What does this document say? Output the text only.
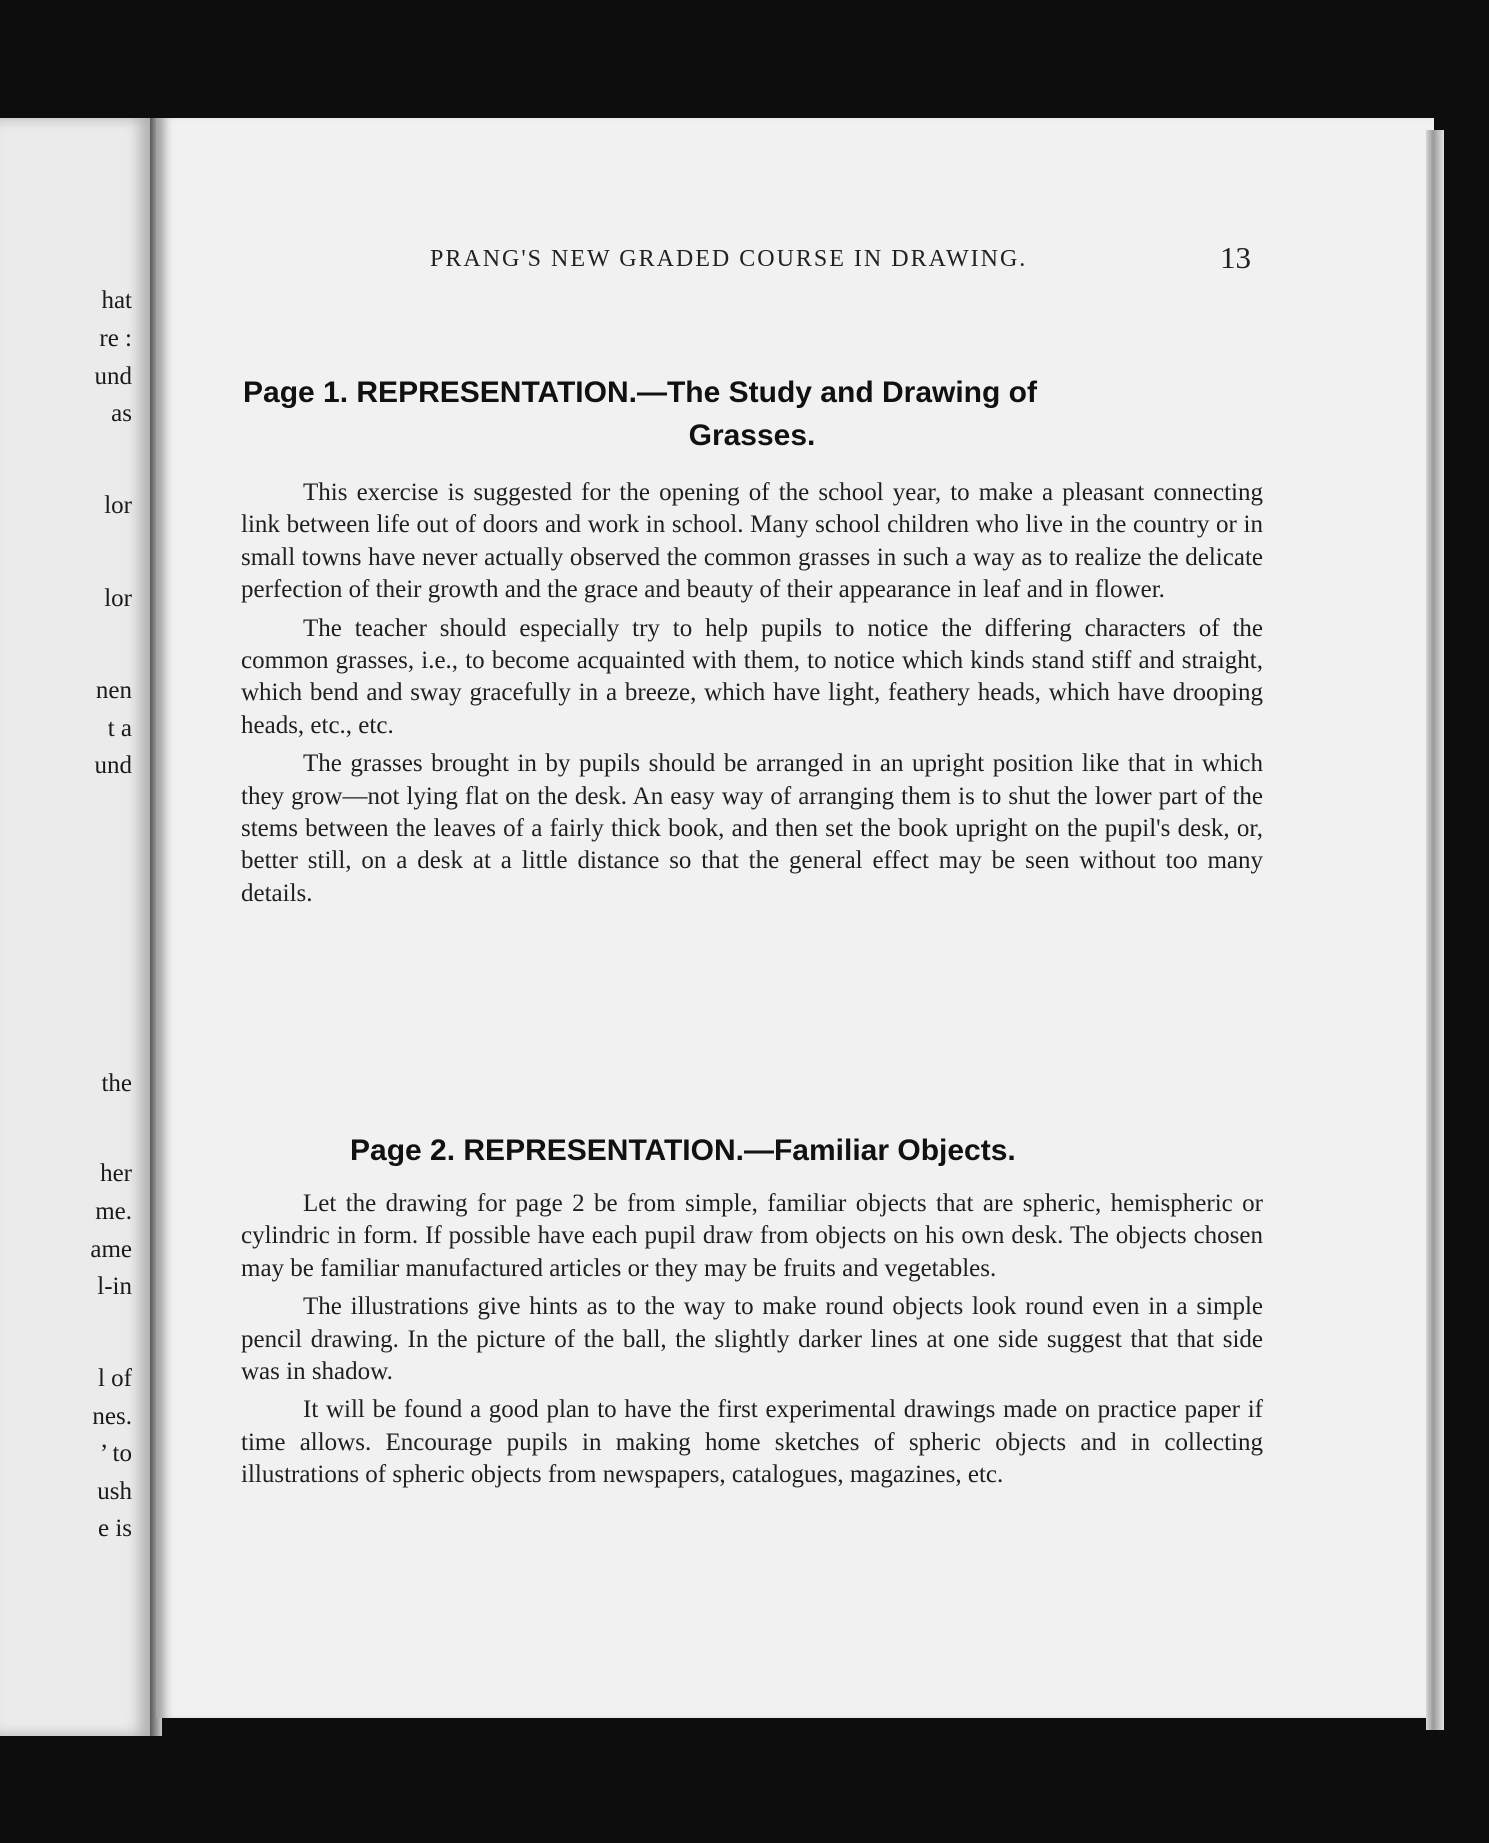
hat
re :
und
as
lor
lor
nen
t a
und
the
her
me.
ame
l-in
l of
nes.
’ to
ush
e is
PRANG'S NEW GRADED COURSE IN DRAWING.	13
Page 1. REPRESENTATION.—The Study and Drawing of
Grasses.

This exercise is suggested for the opening of the school year, to make a pleasant connecting link between life out of doors and work in school. Many school children who live in the country or in small towns have never actually observed the common grasses in such a way as to realize the delicate perfection of their growth and the grace and beauty of their appearance in leaf and in flower.

The teacher should especially try to help pupils to notice the differing characters of the common grasses, i.e., to become acquainted with them, to notice which kinds stand stiff and straight, which bend and sway gracefully in a breeze, which have light, feathery heads, which have drooping heads, etc., etc.

The grasses brought in by pupils should be arranged in an upright position like that in which they grow—not lying flat on the desk. An easy way of arranging them is to shut the lower part of the stems between the leaves of a fairly thick book, and then set the book upright on the pupil's desk, or, better still, on a desk at a little distance so that the general effect may be seen without too many details.

Page 2. REPRESENTATION.—Familiar Objects.

Let the drawing for page 2 be from simple, familiar objects that are spheric, hemispheric or cylindric in form. If possible have each pupil draw from objects on his own desk. The objects chosen may be familiar manufactured articles or they may be fruits and vegetables.

The illustrations give hints as to the way to make round objects look round even in a simple pencil drawing. In the picture of the ball, the slightly darker lines at one side suggest that that side was in shadow.

It will be found a good plan to have the first experimental drawings made on practice paper if time allows. Encourage pupils in making home sketches of spheric objects and in collecting illustrations of spheric objects from newspapers, catalogues, magazines, etc.
